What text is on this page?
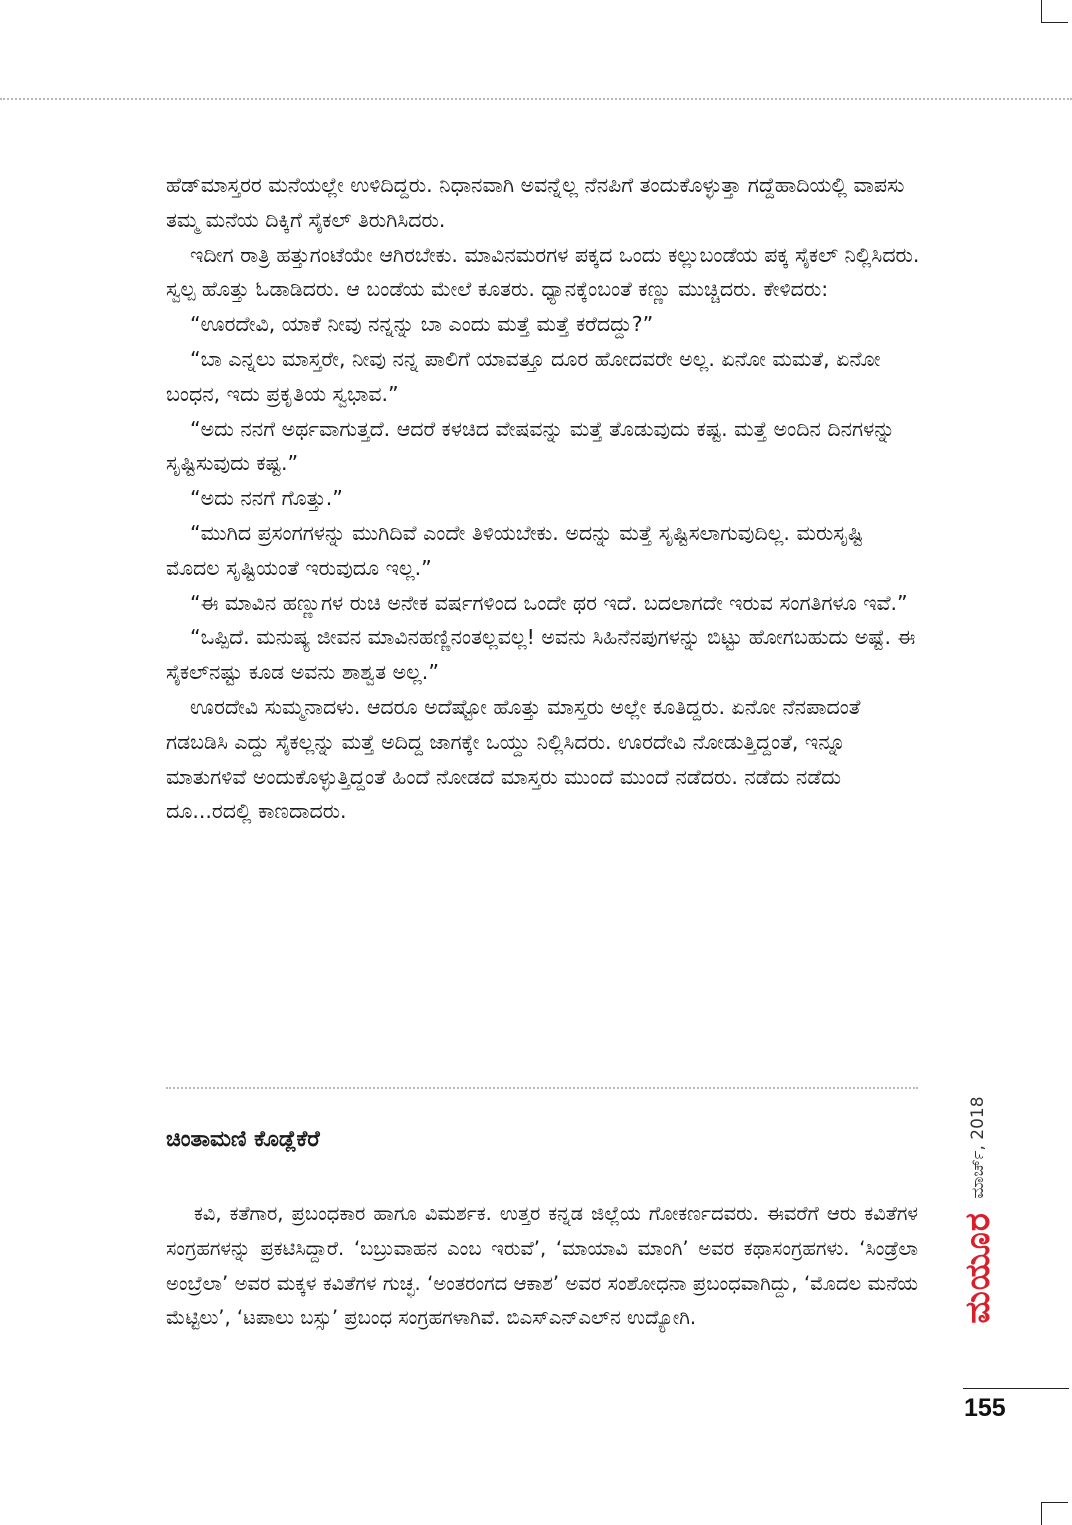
ಹೆಡ್‌ಮಾಸ್ತರರ ಮನೆಯಲ್ಲೇ ಉಳಿದಿದ್ದರು. ನಿಧಾನವಾಗಿ ಅವನ್ನೆಲ್ಲ ನೆನಪಿಗೆ ತಂದುಕೊಳ್ಳುತ್ತಾ ಗದ್ದೆಹಾದಿಯಲ್ಲಿ ವಾಪಸು ತಮ್ಮ ಮನೆಯ ದಿಕ್ಕಿಗೆ ಸೈಕಲ್ ತಿರುಗಿಸಿದರು.

ಇದೀಗ ರಾತ್ರಿ ಹತ್ತುಗಂಟೆಯೇ ಆಗಿರಬೇಕು. ಮಾವಿನಮರಗಳ ಪಕ್ಕದ ಒಂದು ಕಲ್ಲುಬಂಡೆಯ ಪಕ್ಕ ಸೈಕಲ್ ನಿಲ್ಲಿಸಿದರು. ಸ್ವಲ್ಪ ಹೊತ್ತು ಓಡಾಡಿದರು. ಆ ಬಂಡೆಯ ಮೇಲೆ ಕೂತರು. ಧ್ಯಾನಕ್ಕೆಂಬಂತೆ ಕಣ್ಣು ಮುಚ್ಚಿದರು. ಕೇಳಿದರು:

“ಊರದೇವಿ, ಯಾಕೆ ನೀವು ನನ್ನನ್ನು ಬಾ ಎಂದು ಮತ್ತೆ ಮತ್ತೆ ಕರೆದದ್ದು?”

“ಬಾ ಎನ್ನಲು ಮಾಸ್ತರೇ, ನೀವು ನನ್ನ ಪಾಲಿಗೆ ಯಾವತ್ತೂ ದೂರ ಹೋದವರೇ ಅಲ್ಲ. ಏನೋ ಮಮತೆ, ಏನೋ ಬಂಧನ, ಇದು ಪ್ರಕೃತಿಯ ಸ್ವಭಾವ.”

“ಅದು ನನಗೆ ಅರ್ಥವಾಗುತ್ತದೆ. ಆದರೆ ಕಳಚಿದ ವೇಷವನ್ನು ಮತ್ತೆ ತೊಡುವುದು ಕಷ್ಟ. ಮತ್ತೆ ಅಂದಿನ ದಿನಗಳನ್ನು ಸೃಷ್ಟಿಸುವುದು ಕಷ್ಟ.”

“ಅದು ನನಗೆ ಗೊತ್ತು.”

“ಮುಗಿದ ಪ್ರಸಂಗಗಳನ್ನು ಮುಗಿದಿವೆ ಎಂದೇ ತಿಳಿಯಬೇಕು. ಅದನ್ನು ಮತ್ತೆ ಸೃಷ್ಟಿಸಲಾಗುವುದಿಲ್ಲ. ಮರುಸೃಷ್ಟಿ ಮೊದಲ ಸೃಷ್ಟಿಯಂತೆ ಇರುವುದೂ ಇಲ್ಲ.”

“ಈ ಮಾವಿನ ಹಣ್ಣುಗಳ ರುಚಿ ಅನೇಕ ವರ್ಷಗಳಿಂದ ಒಂದೇ ಥರ ಇದೆ. ಬದಲಾಗದೇ ಇರುವ ಸಂಗತಿಗಳೂ ಇವೆ.”

“ಒಪ್ಪಿದೆ. ಮನುಷ್ಯ ಜೀವನ ಮಾವಿನಹಣ್ಣಿನಂತಲ್ಲವಲ್ಲ! ಅವನು ಸಿಹಿನೆನಪುಗಳನ್ನು ಬಿಟ್ಟು ಹೋಗಬಹುದು ಅಷ್ಟೆ. ಈ ಸೈಕಲ್‌ನಷ್ಟು ಕೂಡ ಅವನು ಶಾಶ್ವತ ಅಲ್ಲ.”

ಊರದೇವಿ ಸುಮ್ಮನಾದಳು. ಆದರೂ ಅದೆಷ್ಟೋ ಹೊತ್ತು ಮಾಸ್ತರು ಅಲ್ಲೇ ಕೂತಿದ್ದರು. ಏನೋ ನೆನಪಾದಂತೆ ಗಡಬಡಿಸಿ ಎದ್ದು ಸೈಕಲ್ಲನ್ನು ಮತ್ತೆ ಅದಿದ್ದ ಜಾಗಕ್ಕೇ ಒಯ್ದು ನಿಲ್ಲಿಸಿದರು. ಊರದೇವಿ ನೋಡುತ್ತಿದ್ದಂತೆ, ಇನ್ನೂ ಮಾತುಗಳಿವೆ ಅಂದುಕೊಳ್ಳುತ್ತಿದ್ದಂತೆ ಹಿಂದೆ ನೋಡದೆ ಮಾಸ್ತರು ಮುಂದೆ ಮುಂದೆ ನಡೆದರು. ನಡೆದು ನಡೆದು ದೂ...ರದಲ್ಲಿ ಕಾಣದಾದರು.

ಚಿಂತಾಮಣಿ ಕೊಡ್ಲೆಕೆರೆ

ಕವಿ, ಕತೆಗಾರ, ಪ್ರಬಂಧಕಾರ ಹಾಗೂ ವಿಮರ್ಶಕ. ಉತ್ತರ ಕನ್ನಡ ಜಿಲ್ಲೆಯ ಗೋಕರ್ಣದವರು. ಈವರೆಗೆ ಆರು ಕವಿತೆಗಳ ಸಂಗ್ರಹಗಳನ್ನು ಪ್ರಕಟಿಸಿದ್ದಾರೆ. ‘ಬಬ್ರುವಾಹನ ಎಂಬ ಇರುವೆ’, ‘ಮಾಯಾವಿ ಮಾಂಗಿ’ ಅವರ ಕಥಾಸಂಗ್ರಹಗಳು. ‘ಸಿಂಡ್ರೆಲಾ ಅಂಬ್ರೆಲಾ’ ಅವರ ಮಕ್ಕಳ ಕವಿತೆಗಳ ಗುಚ್ಛ. ‘ಅಂತರಂಗದ ಆಕಾಶ’ ಅವರ ಸಂಶೋಧನಾ ಪ್ರಬಂಧವಾಗಿದ್ದು, ‘ಮೊದಲ ಮನೆಯ ಮೆಟ್ಟಿಲು’, ‘ಟಪಾಲು ಬಸ್ಸು’ ಪ್ರಬಂಧ ಸಂಗ್ರಹಗಳಾಗಿವೆ. ಬಿಎಸ್‌ಎನ್‌ಎಲ್‌ನ ಉದ್ಯೋಗಿ.	ಮಯೂರ
ಮಾರ್ಚ್, 2018

155
